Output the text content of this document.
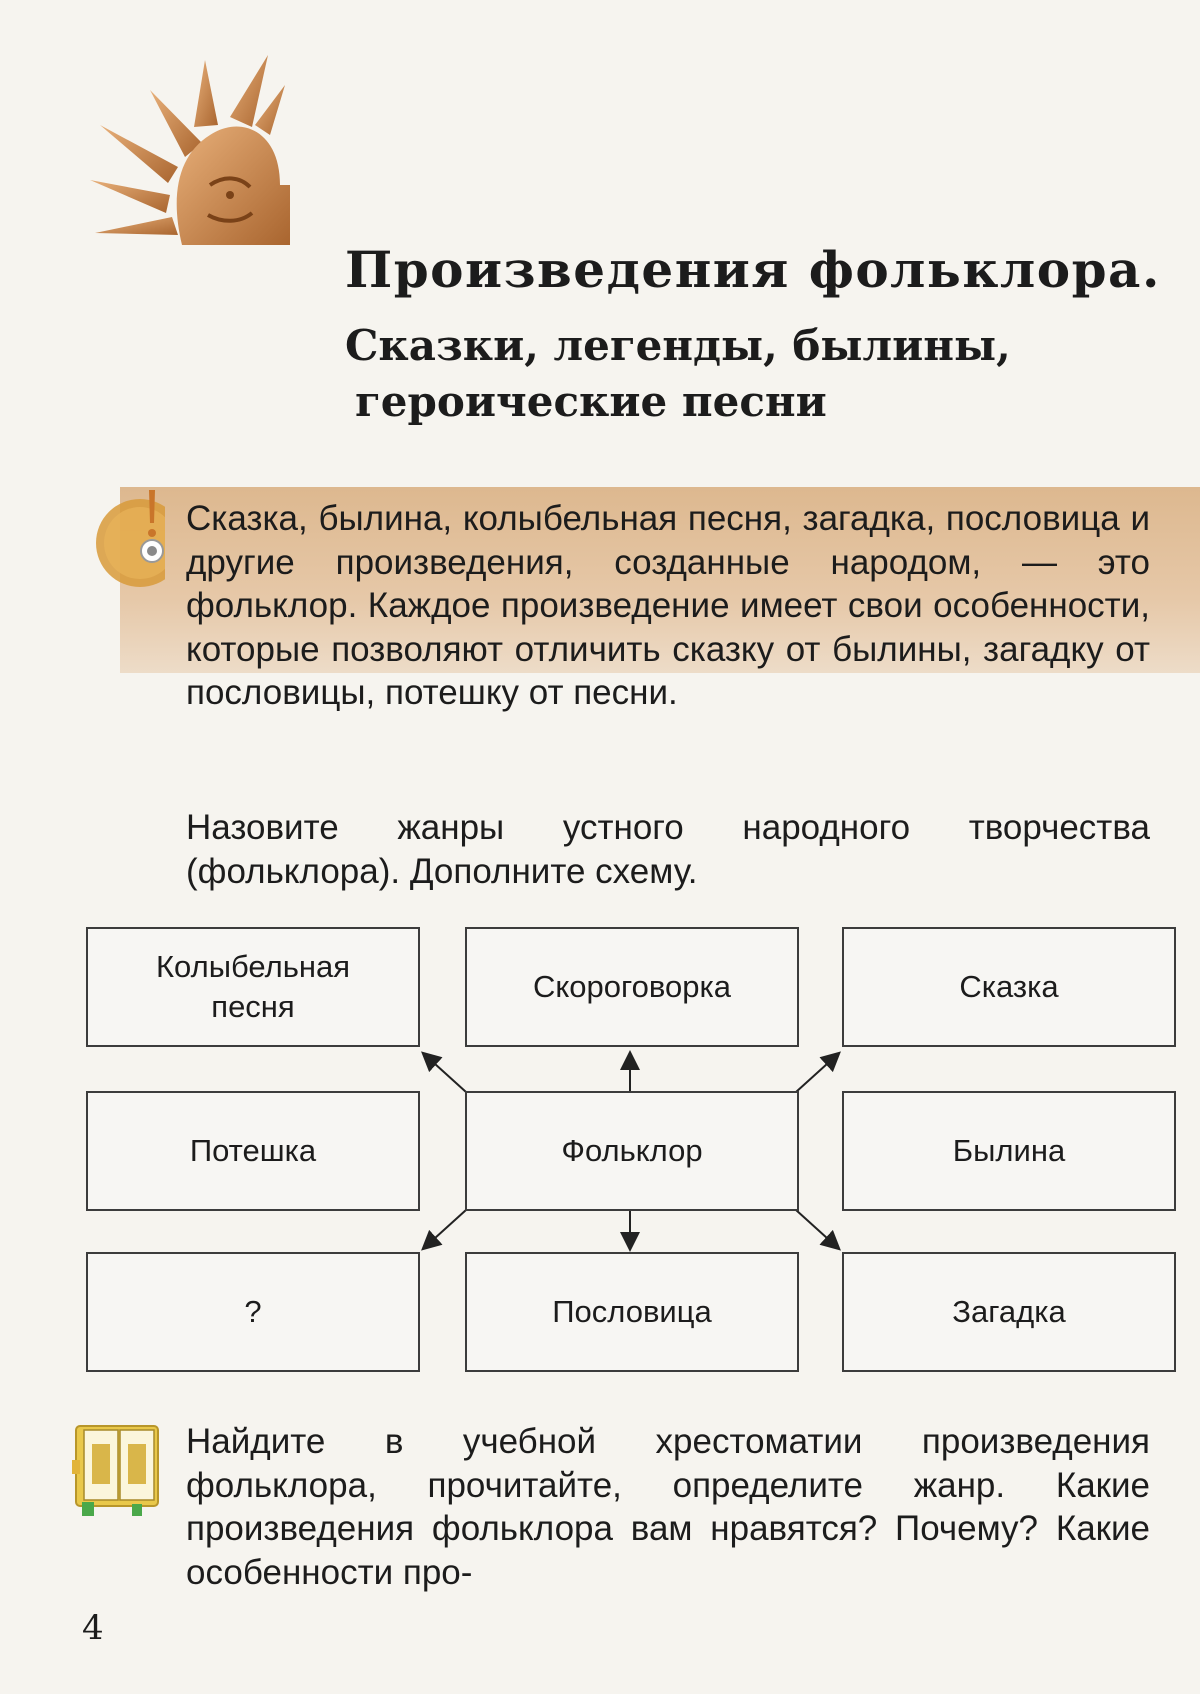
Произведения фольклора.
Сказки, легенды, былины,

героические песни

Сказка, былина, колыбельная песня, загадка, пословица и другие произведения, созданные народом, — это фольклор. Каждое произведение имеет свои особенности, которые позволяют отличить сказку от былины, загадку от пословицы, потешку от песни.

Назовите жанры устного народного творчества (фольклора). Дополните схему.

Колыбельная песня
Скороговорка	Сказка
Потешка	Фольклор	Былина
?	Пословица	Загадка

Найдите в учебной хрестоматии произведения фольклора, прочитайте, определите жанр. Какие произведения фольклора вам нравятся? Почему? Какие особенности про-

4
